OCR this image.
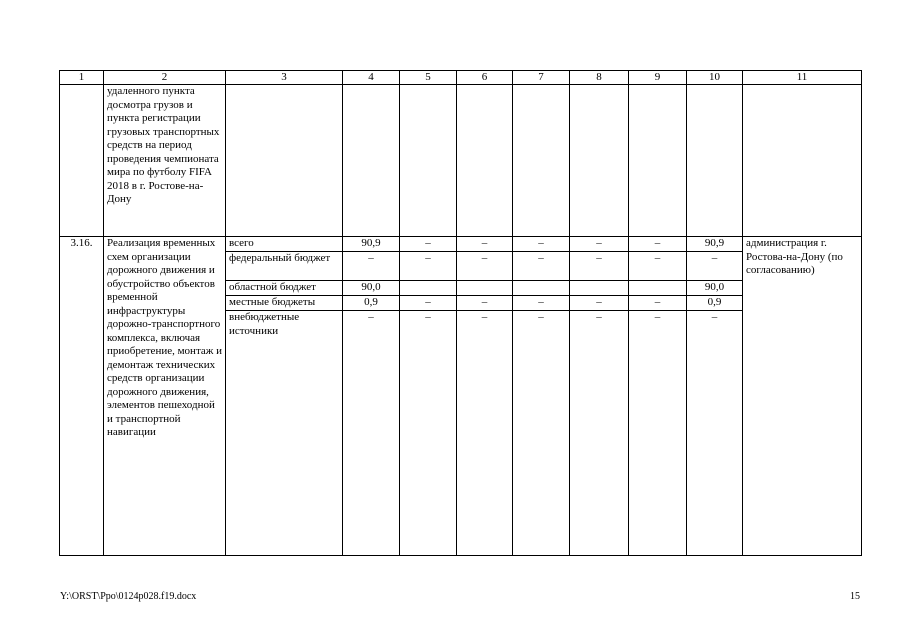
1	2	3	4	5	6	7	8	9	10	11
	удаленного пункта досмотра грузов и пункта регистрации грузовых транспортных средств на период проведения чемпионата мира по футболу FIFA 2018 в г. Ростове-на-Дону									
3.16.	Реализация временных схем организации дорожного движения и обустройство объектов временной инфраструктуры дорожно-транспортного комплекса, включая приобретение, монтаж и демонтаж технических средств организации дорожного движения, элементов пешеходной и транспортной навигации	всего	90,9	–	–	–	–	–	90,9	администрация г. Ростова-на-Дону (по согласованию)
		федеральный бюджет	–	–	–	–	–	–	–	
		областной бюджет	90,0						90,0	
		местные бюджеты	0,9	–	–	–	–	–	0,9	
		внебюджетные источники	–	–	–	–	–	–	–	
Y:\ORST\Ppo\0124p028.f19.docx	15
